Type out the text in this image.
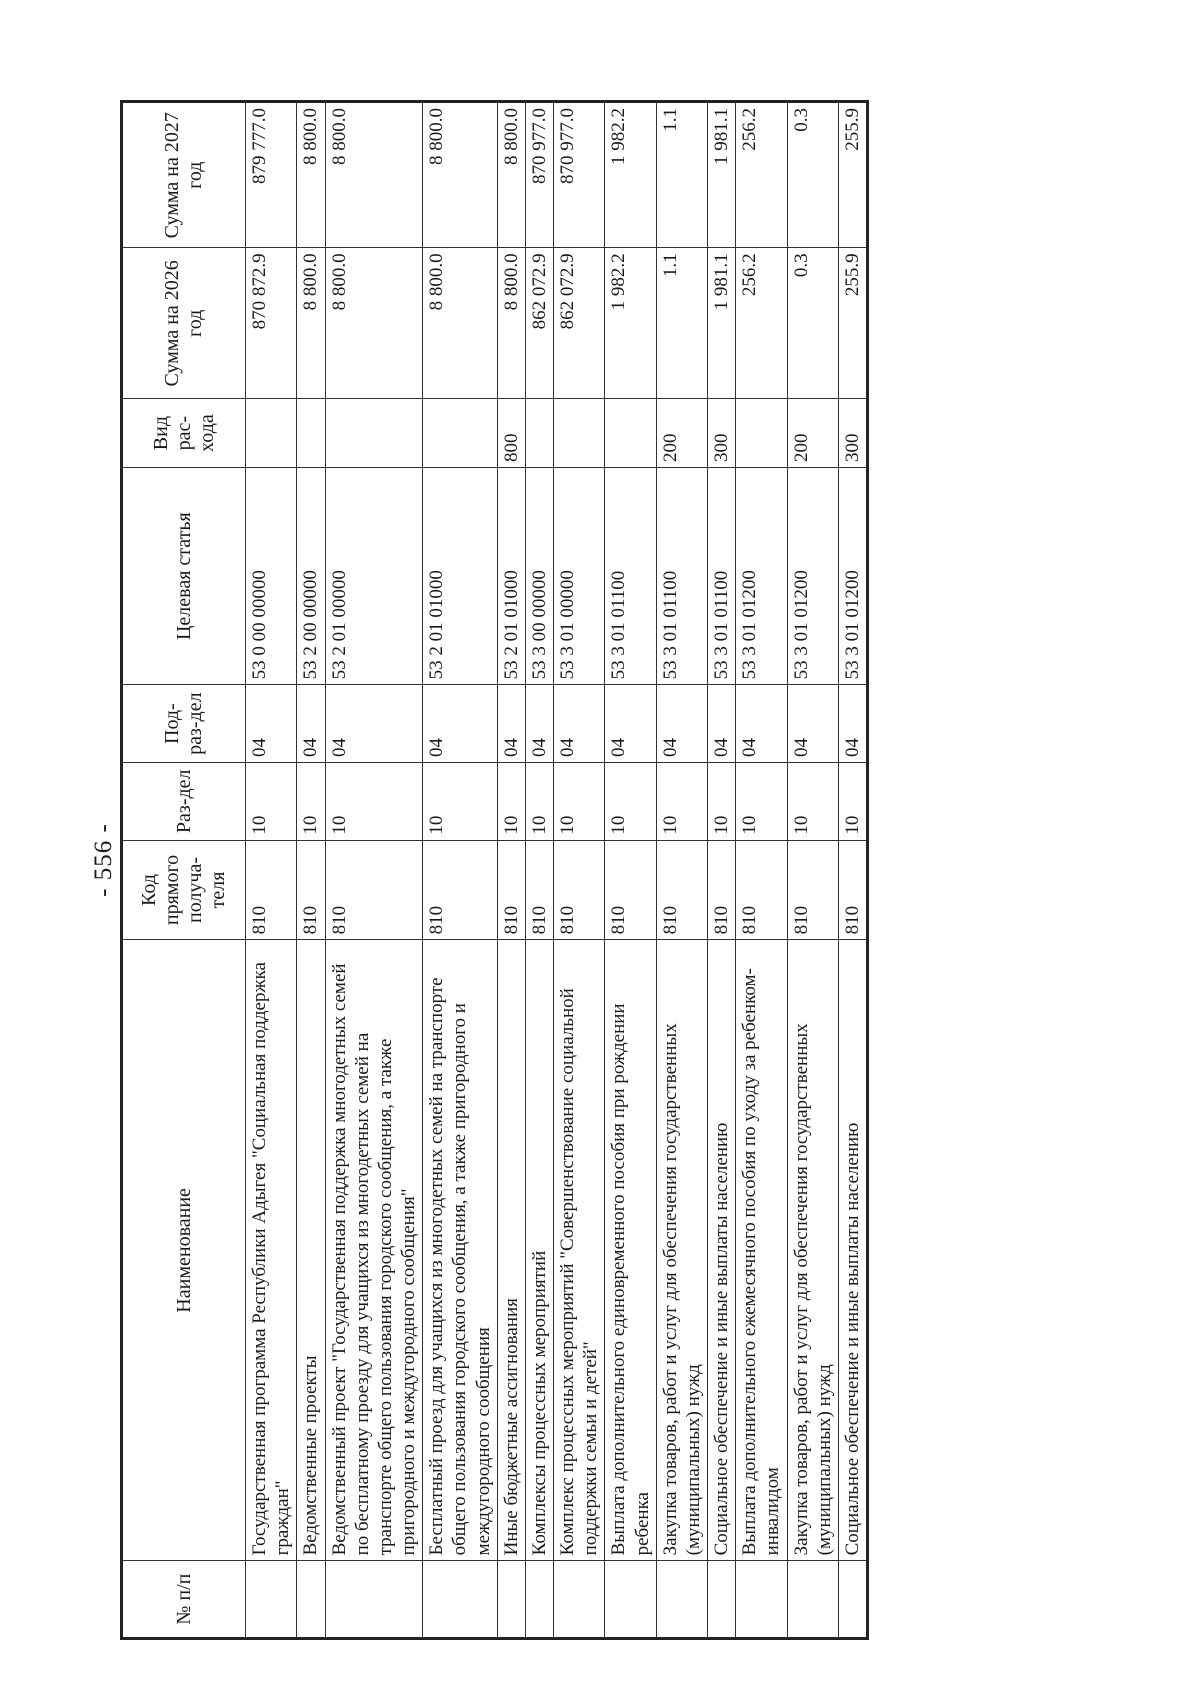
- 556 -
№ п/п	Наименование	Код прямого получа-теля	Раз-дел	Под-раз-дел	Целевая статья	Вид рас-хода	Сумма на 2026 год	Сумма на 2027 год
	Государственная программа Республики Адыгея "Социальная поддержка граждан"	810	10	04	53 0 00 00000		870 872.9	879 777.0
	Ведомственные проекты	810	10	04	53 2 00 00000		8 800.0	8 800.0
	Ведомственный проект "Государственная поддержка многодетных семей по бесплатному проезду для учащихся из многодетных семей на транспорте общего пользования городского сообщения, а также пригородного и междугородного сообщения"	810	10	04	53 2 01 00000		8 800.0	8 800.0
	Бесплатный проезд для учащихся из многодетных семей на транспорте общего пользования городского сообщения, а также пригородного и междугородного сообщения	810	10	04	53 2 01 01000		8 800.0	8 800.0
	Иные бюджетные ассигнования	810	10	04	53 2 01 01000	800	8 800.0	8 800.0
	Комплексы процессных мероприятий	810	10	04	53 3 00 00000		862 072.9	870 977.0
	Комплекс процессных мероприятий "Совершенствование социальной поддержки семьи и детей"	810	10	04	53 3 01 00000		862 072.9	870 977.0
	Выплата дополнительного единовременного пособия при рождении ребенка	810	10	04	53 3 01 01100		1 982.2	1 982.2
	Закупка товаров, работ и услуг для обеспечения государственных (муниципальных) нужд	810	10	04	53 3 01 01100	200	1.1	1.1
	Социальное обеспечение и иные выплаты населению	810	10	04	53 3 01 01100	300	1 981.1	1 981.1
	Выплата дополнительного ежемесячного пособия по уходу за ребенком-инвалидом	810	10	04	53 3 01 01200		256.2	256.2
	Закупка товаров, работ и услуг для обеспечения государственных (муниципальных) нужд	810	10	04	53 3 01 01200	200	0.3	0.3
	Социальное обеспечение и иные выплаты населению	810	10	04	53 3 01 01200	300	255.9	255.9
